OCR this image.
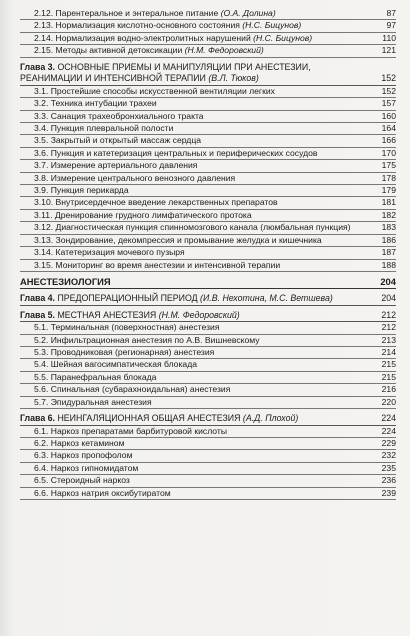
2.12. Парентеральное и энтеральное питание (О.А. Долина)	87
2.13. Нормализация кислотно-основного состояния (Н.С. Бицунов)	97
2.14. Нормализация водно-электролитных нарушений (Н.С. Бицунов)	110
2.15. Методы активной детоксикации (Н.М. Федоровский)	121
Глава 3. ОСНОВНЫЕ ПРИЕМЫ И МАНИПУЛЯЦИИ ПРИ АНЕСТЕЗИИ, РЕАНИМАЦИИ И ИНТЕНСИВНОЙ ТЕРАПИИ (В.Л. Тюков)	152
3.1. Простейшие способы искусственной вентиляции легких	152
3.2. Техника интубации трахеи	157
3.3. Санация трахеобронхиального тракта	160
3.4. Пункция плевральной полости	164
3.5. Закрытый и открытый массаж сердца	166
3.6. Пункция и катетеризация центральных и периферических сосудов	170
3.7. Измерение артериального давления	175
3.8. Измерение центрального венозного давления	178
3.9. Пункция перикарда	179
3.10. Внутрисердечное введение лекарственных препаратов	181
3.11. Дренирование грудного лимфатического протока	182
3.12. Диагностическая пункция спинномозгового канала (люмбальная пункция)	183
3.13. Зондирование, декомпрессия и промывание желудка и кишечника	186
3.14. Катетеризация мочевого пузыря	187
3.15. Мониторинг во время анестезии и интенсивной терапии	188
АНЕСТЕЗИОЛОГИЯ	204
Глава 4. ПРЕДОПЕРАЦИОННЫЙ ПЕРИОД (И.В. Нехотина, М.С. Ветшева)	204
Глава 5. МЕСТНАЯ АНЕСТЕЗИЯ (Н.М. Федоровский)	212
5.1. Терминальная (поверхностная) анестезия	212
5.2. Инфильтрационная анестезия по А.В. Вишневскому	213
5.3. Проводниковая (регионарная) анестезия	214
5.4. Шейная вагосимпатическая блокада	215
5.5. Паранефральная блокада	215
5.6. Спинальная (субарахноидальная) анестезия	216
5.7. Эпидуральная анестезия	220
Глава 6. НЕИНГАЛЯЦИОННАЯ ОБЩАЯ АНЕСТЕЗИЯ (А.Д. Плохой)	224
6.1. Наркоз препаратами барбитуровой кислоты	224
6.2. Наркоз кетамином	229
6.3. Наркоз пропофолом	232
6.4. Наркоз гипномидатом	235
6.5. Стероидный наркоз	236
6.6. Наркоз натрия оксибутиратом	239
